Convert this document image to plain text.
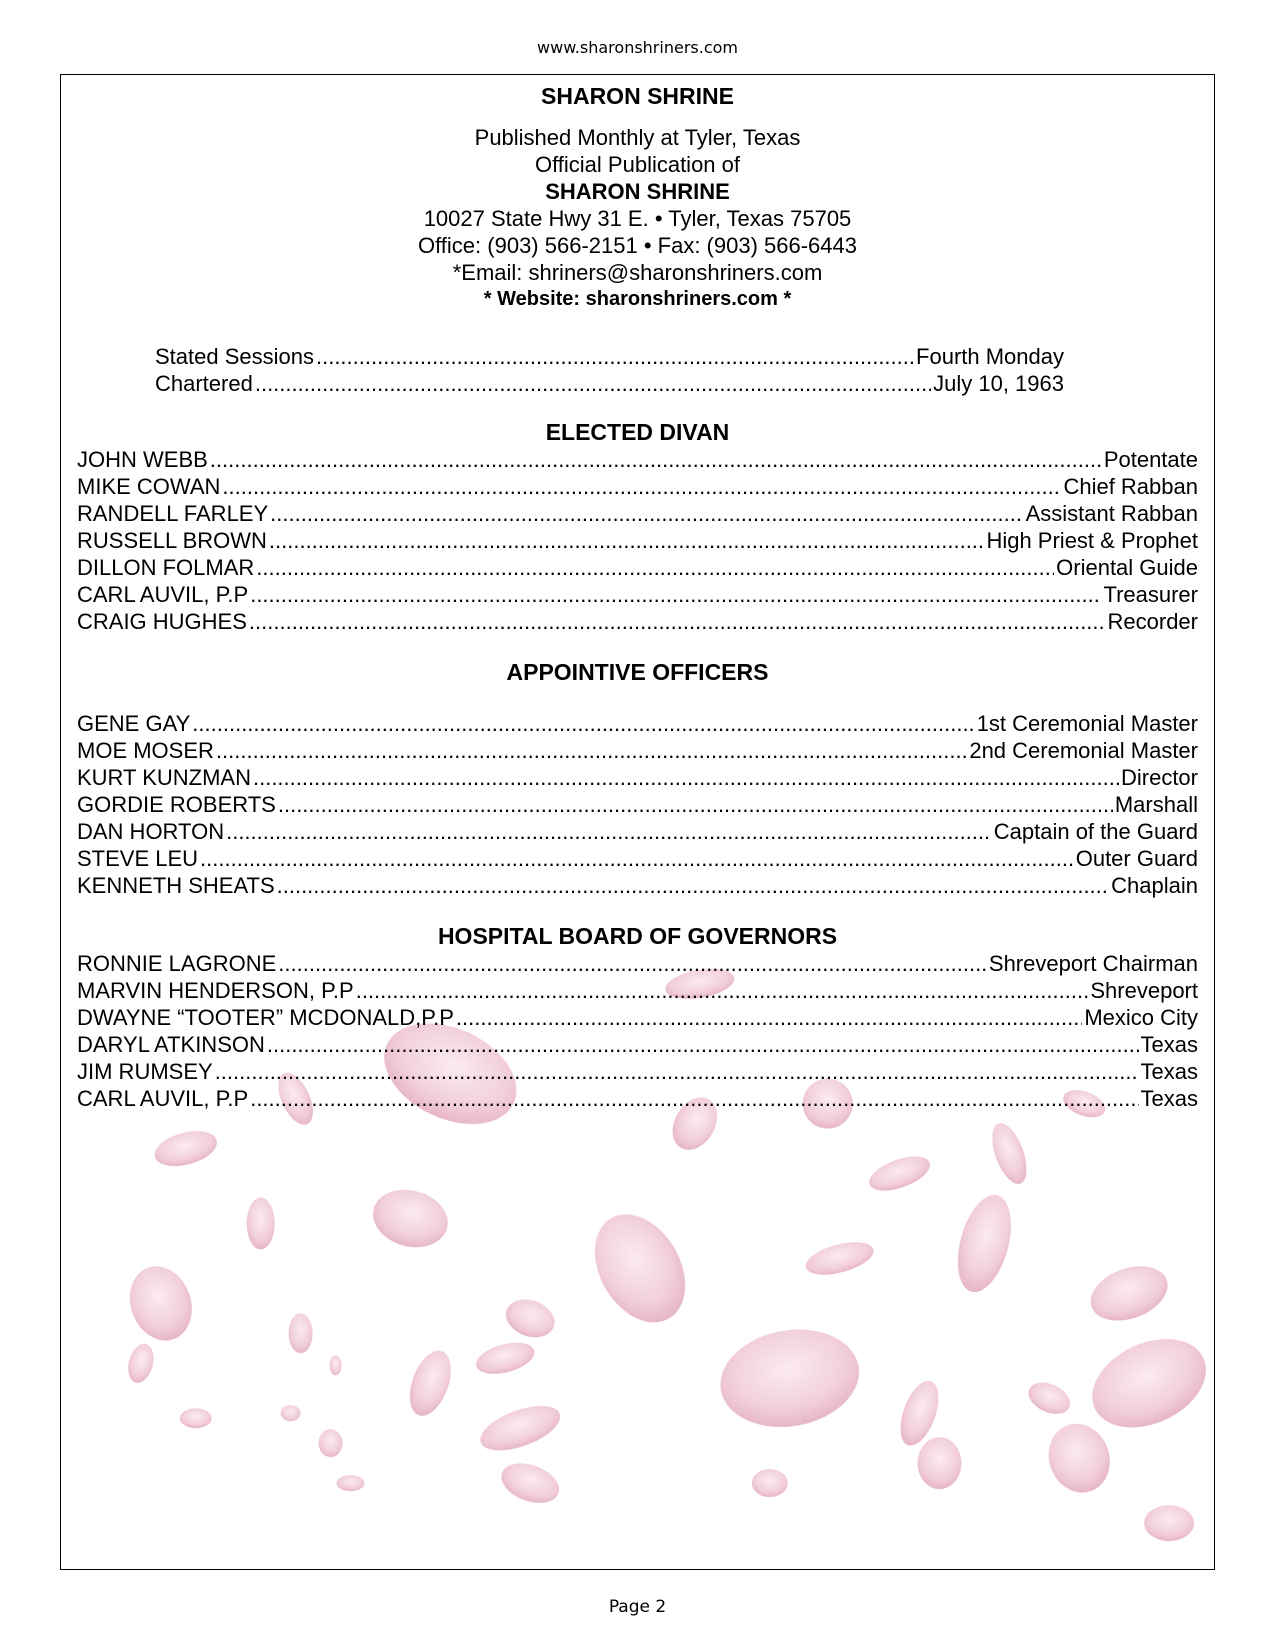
www.sharonshriners.com
SHARON SHRINE
Published Monthly at Tyler, Texas
Official Publication of
SHARON SHRINE
10027 State Hwy 31 E. • Tyler, Texas 75705
Office: (903) 566-2151 • Fax: (903) 566-6443
*Email: shriners@sharonshriners.com
* Website: sharonshriners.com *
Stated Sessions .....	Fourth Monday
Chartered .....	July 10, 1963
ELECTED DIVAN
JOHN WEBB .....	Potentate
MIKE COWAN .....	Chief Rabban
RANDELL FARLEY .....	Assistant Rabban
RUSSELL BROWN .....	High Priest & Prophet
DILLON FOLMAR .....	Oriental Guide
CARL AUVIL, P.P .....	Treasurer
CRAIG HUGHES .....	Recorder
APPOINTIVE OFFICERS
GENE GAY .....	1st Ceremonial Master
MOE MOSER .....	2nd Ceremonial Master
KURT KUNZMAN .....	Director
GORDIE ROBERTS .....	Marshall
DAN HORTON .....	Captain of the Guard
STEVE LEU .....	Outer Guard
KENNETH SHEATS .....	Chaplain
HOSPITAL BOARD OF GOVERNORS
RONNIE LAGRONE .....	Shreveport Chairman
MARVIN HENDERSON, P.P .....	Shreveport
DWAYNE “TOOTER” MCDONALD,P.P .....	Mexico City
DARYL ATKINSON .....	Texas
JIM RUMSEY .....	Texas
CARL AUVIL, P.P .....	Texas
Page 2
